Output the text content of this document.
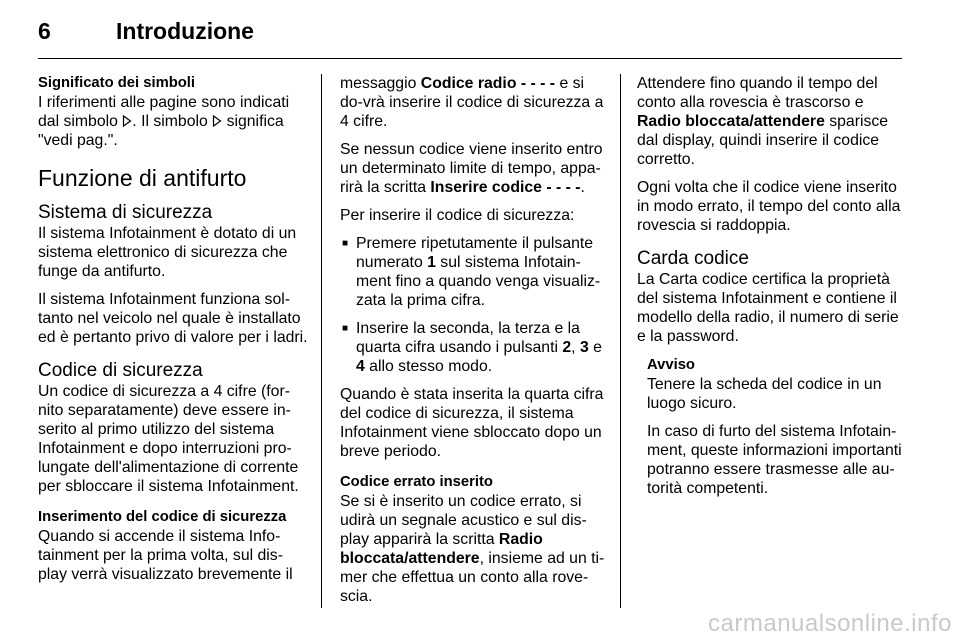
6	Introduzione
Significato dei simboli

I riferimenti alle pagine sono indicati dal simbolo . Il simbolo  significa "vedi pag.".

Funzione di antifurto
Sistema di sicurezza

Il sistema Infotainment è dotato di un sistema elettronico di sicurezza che funge da antifurto.

Il sistema Infotainment funziona sol-tanto nel veicolo nel quale è installato ed è pertanto privo di valore per i ladri.

Codice di sicurezza

Un codice di sicurezza a 4 cifre (for-nito separatamente) deve essere in-serito al primo utilizzo del sistema Infotainment e dopo interruzioni pro-lungate dell'alimentazione di corrente per sbloccare il sistema Infotainment.

Inserimento del codice di sicurezza

Quando si accende il sistema Info-tainment per la prima volta, sul dis-play verrà visualizzato brevemente il

messaggio Codice radio - - - - e si do-vrà inserire il codice di sicurezza a 4 cifre.

Se nessun codice viene inserito entro un determinato limite di tempo, appa-rirà la scritta Inserire codice - - - -.

Per inserire il codice di sicurezza:

■ Premere ripetutamente il pulsante numerato 1 sul sistema Infotain-ment fino a quando venga visualiz-zata la prima cifra.
■ Inserire la seconda, la terza e la quarta cifra usando i pulsanti 2, 3 e 4 allo stesso modo.

Quando è stata inserita la quarta cifra del codice di sicurezza, il sistema Infotainment viene sbloccato dopo un breve periodo.

Codice errato inserito

Se si è inserito un codice errato, si udirà un segnale acustico e sul dis-play apparirà la scritta Radio bloccata/attendere, insieme ad un ti-mer che effettua un conto alla rove-scia.

Attendere fino quando il tempo del conto alla rovescia è trascorso e Radio bloccata/attendere sparisce dal display, quindi inserire il codice corretto.

Ogni volta che il codice viene inserito in modo errato, il tempo del conto alla rovescia si raddoppia.

Carda codice

La Carta codice certifica la proprietà del sistema Infotainment e contiene il modello della radio, il numero di serie e la password.

Avviso

Tenere la scheda del codice in un luogo sicuro.

In caso di furto del sistema Infotain-ment, queste informazioni importanti potranno essere trasmesse alle au-torità competenti.

carmanualsonline.info
